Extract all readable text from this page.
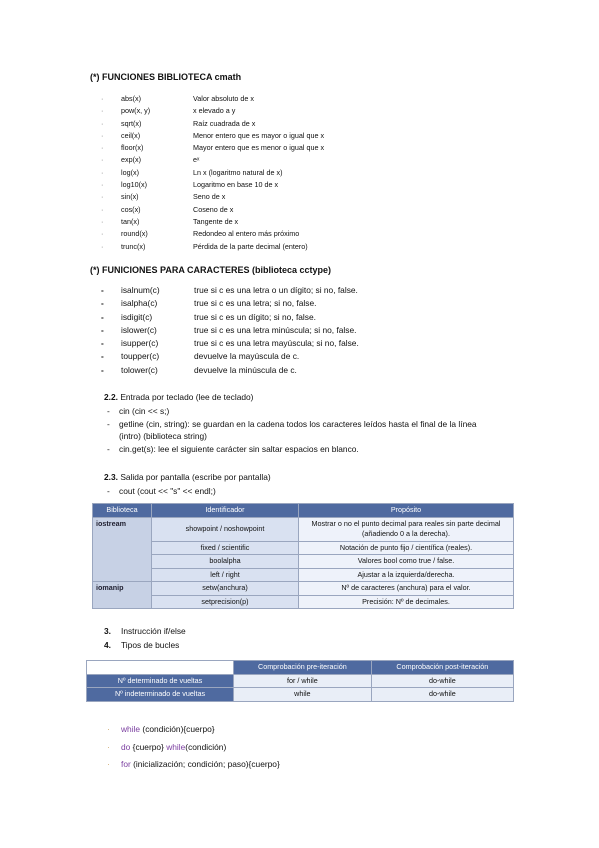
(*) FUNCIONES BIBLIOTECA cmath
·	abs(x)	Valor absoluto de x
·	pow(x, y)	x elevado a y
·	sqrt(x)	Raíz cuadrada de x
·	ceil(x)	Menor entero que es mayor o igual que x
·	floor(x)	Mayor entero que es menor o igual que x
·	exp(x)	eˣ
·	log(x)	Ln x (logaritmo natural de x)
·	log10(x)	Logaritmo en base 10 de x
·	sin(x)	Seno de x
·	cos(x)	Coseno de x
·	tan(x)	Tangente de x
·	round(x)	Redondeo al entero más próximo
·	trunc(x)	Pérdida de la parte decimal (entero)
(*) FUNICIONES PARA CARACTERES (biblioteca cctype)
-	isalnum(c)	true si c es una letra o un dígito; si no, false.
-	isalpha(c)	true si c es una letra; si no, false.
-	isdigit(c)	true si c es un dígito; si no, false.
-	islower(c)	true si c es una letra minúscula; si no, false.
-	isupper(c)	true si c es una letra mayúscula; si no, false.
-	toupper(c)	devuelve la mayúscula de c.
-	tolower(c)	devuelve la minúscula de c.
2.2. Entrada por teclado (lee de teclado)
-	cin (cin << s;)
-	getline (cin, string): se guardan en la cadena todos los caracteres leídos hasta el final de la línea
(intro) (biblioteca string)
-	cin.get(s): lee el siguiente carácter sin saltar espacios en blanco.
2.3. Salida por pantalla (escribe por pantalla)
-	cout (cout << "s" << endl;)
Biblioteca	Identificador	Propósito
iostream	showpoint / noshowpoint	Mostrar o no el punto decimal para reales sin parte decimal (añadiendo 0 a la derecha).
	fixed / scientific	Notación de punto fijo / científica (reales).
	boolalpha	Valores bool como true / false.
	left / right	Ajustar a la izquierda/derecha.
iomanip	setw(anchura)	Nº de caracteres (anchura) para el valor.
	setprecision(p)	Precisión: Nº de decimales.
3. Instrucción if/else
4. Tipos de bucles
	Comprobación pre-iteración	Comprobación post-iteración
Nº determinado de vueltas	for / while	do-while
Nº indeterminado de vueltas	while	do-while
·	while (condición){cuerpo}
·	do {cuerpo} while(condición)
·	for (inicialización; condición; paso){cuerpo}
